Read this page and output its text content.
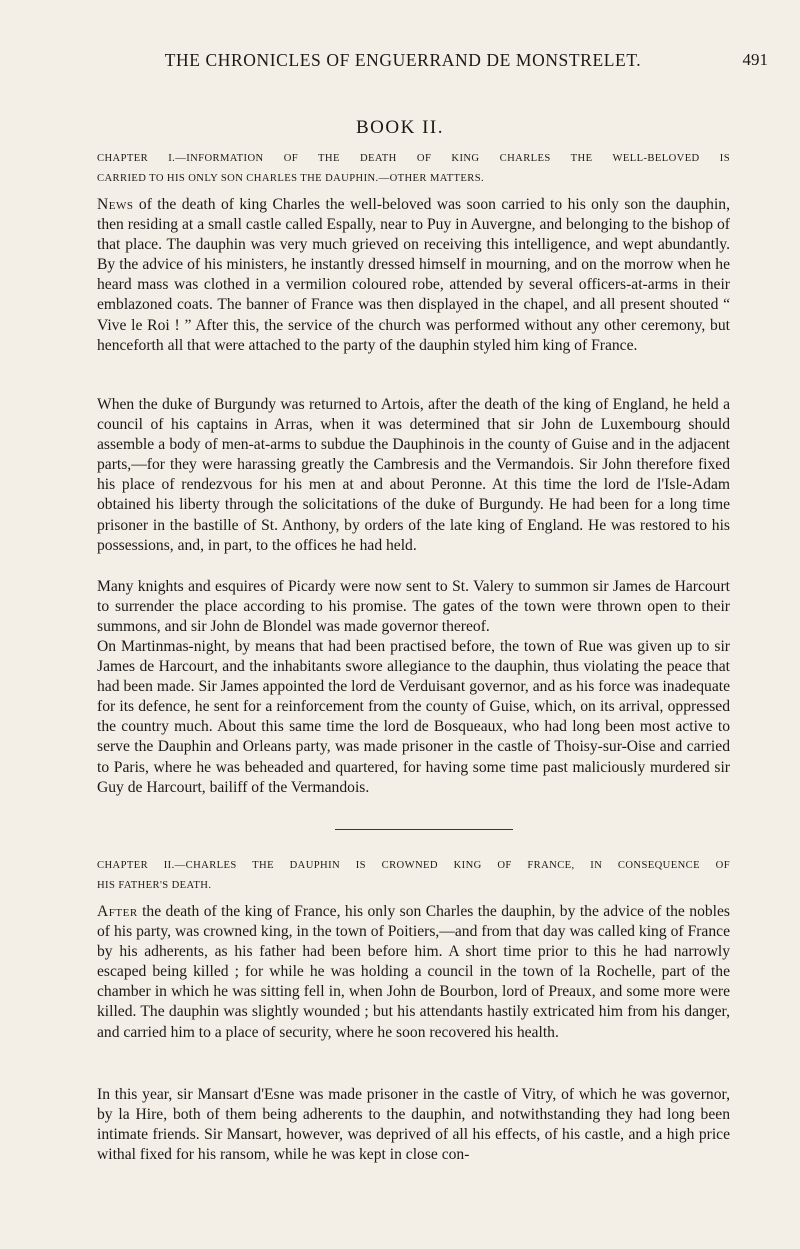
THE CHRONICLES OF ENGUERRAND DE MONSTRELET.	491
BOOK II.
CHAPTER I.—INFORMATION OF THE DEATH OF KING CHARLES THE WELL-BELOVED IS
CARRIED TO HIS ONLY SON CHARLES THE DAUPHIN.—OTHER MATTERS.

News of the death of king Charles the well-beloved was soon carried to his only son the dauphin, then residing at a small castle called Espally, near to Puy in Auvergne, and belonging to the bishop of that place. The dauphin was very much grieved on receiving this intelligence, and wept abundantly. By the advice of his ministers, he instantly dressed himself in mourning, and on the morrow when he heard mass was clothed in a vermilion coloured robe, attended by several officers-at-arms in their emblazoned coats. The banner of France was then displayed in the chapel, and all present shouted “ Vive le Roi ! ” After this, the service of the church was performed without any other ceremony, but henceforth all that were attached to the party of the dauphin styled him king of France.

When the duke of Burgundy was returned to Artois, after the death of the king of England, he held a council of his captains in Arras, when it was determined that sir John de Luxembourg should assemble a body of men-at-arms to subdue the Dauphinois in the county of Guise and in the adjacent parts,—for they were harassing greatly the Cambresis and the Vermandois. Sir John therefore fixed his place of rendezvous for his men at and about Peronne. At this time the lord de l'Isle-Adam obtained his liberty through the solicitations of the duke of Burgundy. He had been for a long time prisoner in the bastille of St. Anthony, by orders of the late king of England. He was restored to his possessions, and, in part, to the offices he had held.

Many knights and esquires of Picardy were now sent to St. Valery to summon sir James de Harcourt to surrender the place according to his promise. The gates of the town were thrown open to their summons, and sir John de Blondel was made governor thereof.

On Martinmas-night, by means that had been practised before, the town of Rue was given up to sir James de Harcourt, and the inhabitants swore allegiance to the dauphin, thus violating the peace that had been made. Sir James appointed the lord de Verduisant governor, and as his force was inadequate for its defence, he sent for a reinforcement from the county of Guise, which, on its arrival, oppressed the country much. About this same time the lord de Bosqueaux, who had long been most active to serve the Dauphin and Orleans party, was made prisoner in the castle of Thoisy-sur-Oise and carried to Paris, where he was beheaded and quartered, for having some time past maliciously murdered sir Guy de Harcourt, bailiff of the Vermandois.

CHAPTER II.—CHARLES THE DAUPHIN IS CROWNED KING OF FRANCE, IN CONSEQUENCE OF
HIS FATHER'S DEATH.

After the death of the king of France, his only son Charles the dauphin, by the advice of the nobles of his party, was crowned king, in the town of Poitiers,—and from that day was called king of France by his adherents, as his father had been before him. A short time prior to this he had narrowly escaped being killed ; for while he was holding a council in the town of la Rochelle, part of the chamber in which he was sitting fell in, when John de Bourbon, lord of Preaux, and some more were killed. The dauphin was slightly wounded ; but his attendants hastily extricated him from his danger, and carried him to a place of security, where he soon recovered his health.

In this year, sir Mansart d'Esne was made prisoner in the castle of Vitry, of which he was governor, by la Hire, both of them being adherents to the dauphin, and notwithstanding they had long been intimate friends. Sir Mansart, however, was deprived of all his effects, of his castle, and a high price withal fixed for his ransom, while he was kept in close con-
